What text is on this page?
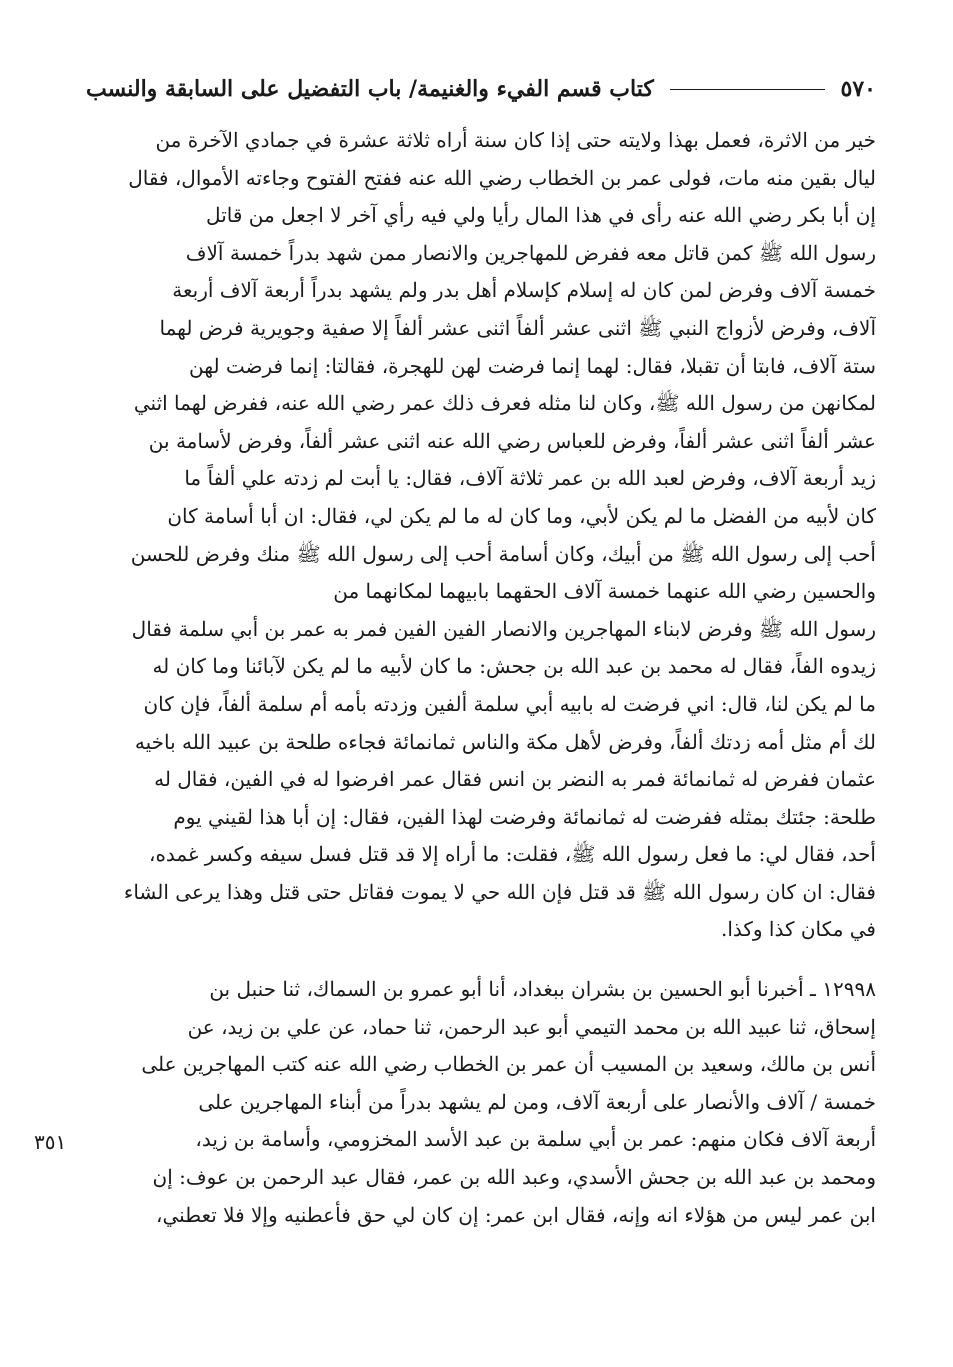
٥٧٠
كتاب قسم الفيء والغنيمة/ باب التفضيل على السابقة والنسب
خير من الاثرة، فعمل بهذا ولايته حتى إذا كان سنة أراه ثلاثة عشرة في جمادي الآخرة من
ليال بقين منه مات، فولى عمر بن الخطاب رضي الله عنه ففتح الفتوح وجاءته الأموال، فقال
إن أبا بكر رضي الله عنه رأى في هذا المال رأيا ولي فيه رأي آخر لا اجعل من قاتل
رسول الله ﷺ كمن قاتل معه ففرض للمهاجرين والانصار ممن شهد بدراً خمسة آلاف
خمسة آلاف وفرض لمن كان له إسلام كإسلام أهل بدر ولم يشهد بدراً أربعة آلاف أربعة
آلاف، وفرض لأزواج النبي ﷺ اثنى عشر ألفاً اثنى عشر ألفاً إلا صفية وجويرية فرض لهما
ستة آلاف، فابتا أن تقبلا، فقال: لهما إنما فرضت لهن للهجرة، فقالتا: إنما فرضت لهن
لمكانهن من رسول الله ﷺ، وكان لنا مثله فعرف ذلك عمر رضي الله عنه، ففرض لهما اثني
عشر ألفاً اثنى عشر ألفاً، وفرض للعباس رضي الله عنه اثنى عشر ألفاً، وفرض لأسامة بن
زيد أربعة آلاف، وفرض لعبد الله بن عمر ثلاثة آلاف، فقال: يا أبت لم زدته علي ألفاً ما
كان لأبيه من الفضل ما لم يكن لأبي، وما كان له ما لم يكن لي، فقال: ان أبا أسامة كان
أحب إلى رسول الله ﷺ من أبيك، وكان أسامة أحب إلى رسول الله ﷺ منك وفرض للحسن
والحسين رضي الله عنهما خمسة آلاف الحقهما بابيهما لمكانهما من
رسول الله ﷺ وفرض لابناء المهاجرين والانصار الفين الفين فمر به عمر بن أبي سلمة فقال
زيدوه الفاً، فقال له محمد بن عبد الله بن جحش: ما كان لأبيه ما لم يكن لآبائنا وما كان له
ما لم يكن لنا، قال: اني فرضت له بابيه أبي سلمة ألفين وزدته بأمه أم سلمة ألفاً، فإن كان
لك أم مثل أمه زدتك ألفاً، وفرض لأهل مكة والناس ثمانمائة فجاءه طلحة بن عبيد الله باخيه
عثمان ففرض له ثمانمائة فمر به النضر بن انس فقال عمر افرضوا له في الفين، فقال له
طلحة: جئتك بمثله ففرضت له ثمانمائة وفرضت لهذا الفين، فقال: إن أبا هذا لقيني يوم
أحد، فقال لي: ما فعل رسول الله ﷺ، فقلت: ما أراه إلا قد قتل فسل سيفه وكسر غمده،
فقال: ان كان رسول الله ﷺ قد قتل فإن الله حي لا يموت فقاتل حتى قتل وهذا يرعى الشاء
في مكان كذا وكذا.
١٢٩٩٨ ـ أخبرنا أبو الحسين بن بشران ببغداد، أنا أبو عمرو بن السماك، ثنا حنبل بن
إسحاق، ثنا عبيد الله بن محمد التيمي أبو عبد الرحمن، ثنا حماد، عن علي بن زيد، عن
أنس بن مالك، وسعيد بن المسيب أن عمر بن الخطاب رضي الله عنه كتب المهاجرين على
خمسة / آلاف والأنصار على أربعة آلاف، ومن لم يشهد بدراً من أبناء المهاجرين على
أربعة آلاف فكان منهم: عمر بن أبي سلمة بن عبد الأسد المخزومي، وأسامة بن زيد،
ومحمد بن عبد الله بن جحش الأسدي، وعبد الله بن عمر، فقال عبد الرحمن بن عوف: إن
ابن عمر ليس من هؤلاء انه وإنه، فقال ابن عمر: إن كان لي حق فأعطنيه وإلا فلا تعطني،
٣٥١
